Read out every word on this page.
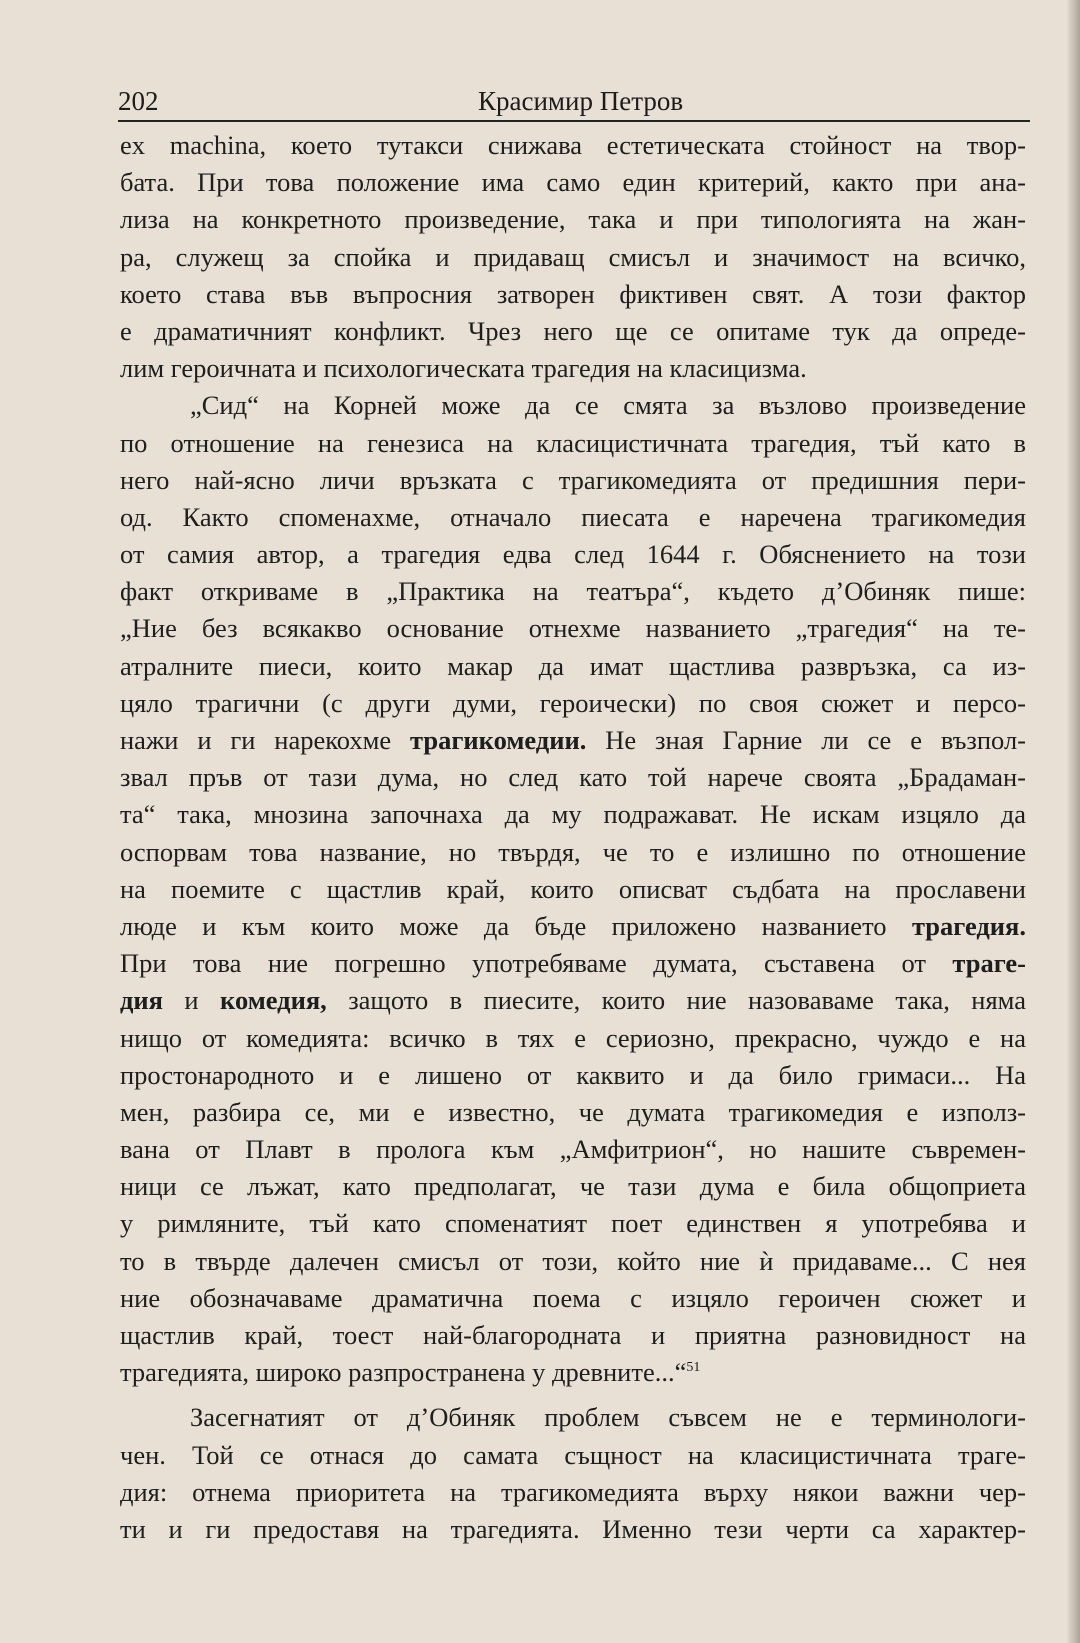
202	Красимир Петров
ex machina, което тутакси снижава естетическата стойност на твор-
бата. При това положение има само един критерий, както при ана-
лиза на конкретното произведение, така и при типологията на жан-
ра, служещ за спойка и придаващ смисъл и значимост на всичко,
което става във въпросния затворен фиктивен свят. А този фактор
е драматичният конфликт. Чрез него ще се опитаме тук да опреде-
лим героичната и психологическата трагедия на класицизма.
„Сид“ на Корней може да се смята за възлово произведение
по отношение на генезиса на класицистичната трагедия, тъй като в
него най-ясно личи връзката с трагикомедията от предишния пери-
од. Както споменахме, отначало пиесата е наречена трагикомедия
от самия автор, а трагедия едва след 1644 г. Обяснението на този
факт откриваме в „Практика на театъра“, където д’Обиняк пише:
„Ние без всякакво основание отнехме названието „трагедия“ на те-
атралните пиеси, които макар да имат щастлива развръзка, са из-
цяло трагични (с други думи, героически) по своя сюжет и персо-
нажи и ги нарекохме трагикомедии. Не зная Гарние ли се е възпол-
звал пръв от тази дума, но след като той нарече своята „Брадаман-
та“ така, мнозина започнаха да му подражават. Не искам изцяло да
оспорвам това название, но твърдя, че то е излишно по отношение
на поемите с щастлив край, които описват съдбата на прославени
люде и към които може да бъде приложено названието трагедия.
При това ние погрешно употребяваме думата, съставена от траге-
дия и комедия, защото в пиесите, които ние назоваваме така, няма
нищо от комедията: всичко в тях е сериозно, прекрасно, чуждо е на
простонародното и е лишено от каквито и да било гримаси... На
мен, разбира се, ми е известно, че думата трагикомедия е използ-
вана от Плавт в пролога към „Амфитрион“, но нашите съвремен-
ници се лъжат, като предполагат, че тази дума е била общоприета
у римляните, тъй като споменатият поет единствен я употребява и
то в твърде далечен смисъл от този, който ние ѝ придаваме... С нея
ние обозначаваме драматична поема с изцяло героичен сюжет и
щастлив край, тоест най-благородната и приятна разновидност на
трагедията, широко разпространена у древните...“$^{51}$
Засегнатият от д’Обиняк проблем съвсем не е терминологи-
чен. Той се отнася до самата същност на класицистичната траге-
дия: отнема приоритета на трагикомедията върху някои важни чер-
ти и ги предоставя на трагедията. Именно тези черти са характер-
